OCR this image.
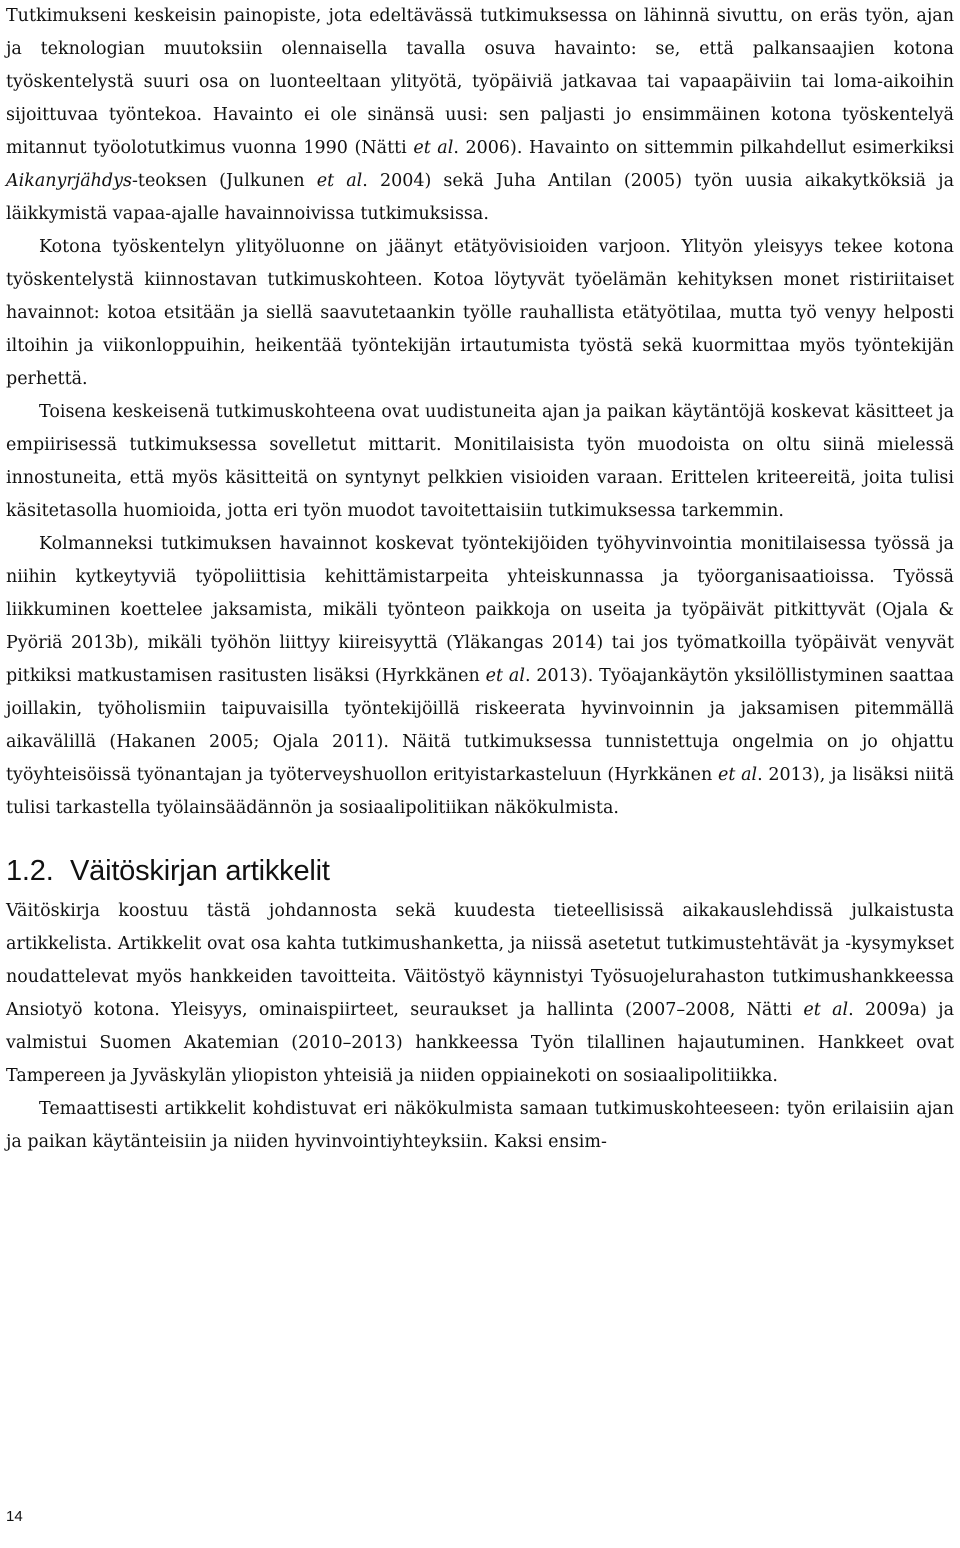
Tutkimukseni keskeisin painopiste, jota edeltävässä tutkimuksessa on lähinnä sivuttu, on eräs työn, ajan ja teknologian muutoksiin olennaisella tavalla osuva havainto: se, että palkansaajien kotona työskentelystä suuri osa on luonteeltaan ylityötä, työpäiviä jatkavaa tai vapaapäiviin tai loma-aikoihin sijoittuvaa työntekoa. Havainto ei ole sinänsä uusi: sen paljasti jo ensimmäinen kotona työskentelyä mitannut työolotutkimus vuonna 1990 (Nätti et al. 2006). Havainto on sittemmin pilkahdellut esimerkiksi Aikanyrjähdys-teoksen (Julkunen et al. 2004) sekä Juha Antilan (2005) työn uusia aikakytköksiä ja läikkymistä vapaa-ajalle havainnoivissa tutkimuksissa.

Kotona työskentelyn ylityöluonne on jäänyt etätyövisioiden varjoon. Ylityön yleisyys tekee kotona työskentelystä kiinnostavan tutkimuskohteen. Kotoa löytyvät työelämän kehityksen monet ristiriitaiset havainnot: kotoa etsitään ja siellä saavutetaankin työlle rauhallista etätyötilaa, mutta työ venyy helposti iltoihin ja viikonloppuihin, heikentää työntekijän irtautumista työstä sekä kuormittaa myös työntekijän perhettä.

Toisena keskeisenä tutkimuskohteena ovat uudistuneita ajan ja paikan käytäntöjä koskevat käsitteet ja empiirisessä tutkimuksessa sovelletut mittarit. Monitilaisista työn muodoista on oltu siinä mielessä innostuneita, että myös käsitteitä on syntynyt pelkkien visioiden varaan. Erittelen kriteereitä, joita tulisi käsitetasolla huomioida, jotta eri työn muodot tavoitettaisiin tutkimuksessa tarkemmin.

Kolmanneksi tutkimuksen havainnot koskevat työntekijöiden työhyvinvointia monitilaisessa työssä ja niihin kytkeytyviä työpoliittisia kehittämistarpeita yhteiskunnassa ja työorganisaatioissa. Työssä liikkuminen koettelee jaksamista, mikäli työnteon paikkoja on useita ja työpäivät pitkittyvät (Ojala & Pyöriä 2013b), mikäli työhön liittyy kiireisyyttä (Yläkangas 2014) tai jos työmatkoilla työpäivät venyvät pitkiksi matkustamisen rasitusten lisäksi (Hyrkkänen et al. 2013). Työajankäytön yksilöllistyminen saattaa joillakin, työholismiin taipuvaisilla työntekijöillä riskeerata hyvinvoinnin ja jaksamisen pitemmällä aikavälillä (Hakanen 2005; Ojala 2011). Näitä tutkimuksessa tunnistettuja ongelmia on jo ohjattu työyhteisöissä työnantajan ja työterveyshuollon erityistarkasteluun (Hyrkkänen et al. 2013), ja lisäksi niitä tulisi tarkastella työlainsäädännön ja sosiaalipolitiikan näkökulmista.

1.2. Väitöskirjan artikkelit

Väitöskirja koostuu tästä johdannosta sekä kuudesta tieteellisissä aikakauslehdissä julkaistusta artikkelista. Artikkelit ovat osa kahta tutkimushanketta, ja niissä asetetut tutkimustehtävät ja -kysymykset noudattelevat myös hankkeiden tavoitteita. Väitöstyö käynnistyi Työsuojelurahaston tutkimushankkeessa Ansiotyö kotona. Yleisyys, ominaispiirteet, seuraukset ja hallinta (2007–2008, Nätti et al. 2009a) ja valmistui Suomen Akatemian (2010–2013) hankkeessa Työn tilallinen hajautuminen. Hankkeet ovat Tampereen ja Jyväskylän yliopiston yhteisiä ja niiden oppiainekoti on sosiaalipolitiikka.

Temaattisesti artikkelit kohdistuvat eri näkökulmista samaan tutkimuskohteeseen: työn erilaisiin ajan ja paikan käytänteisiin ja niiden hyvinvointiyhteyksiin. Kaksi ensim-

14
